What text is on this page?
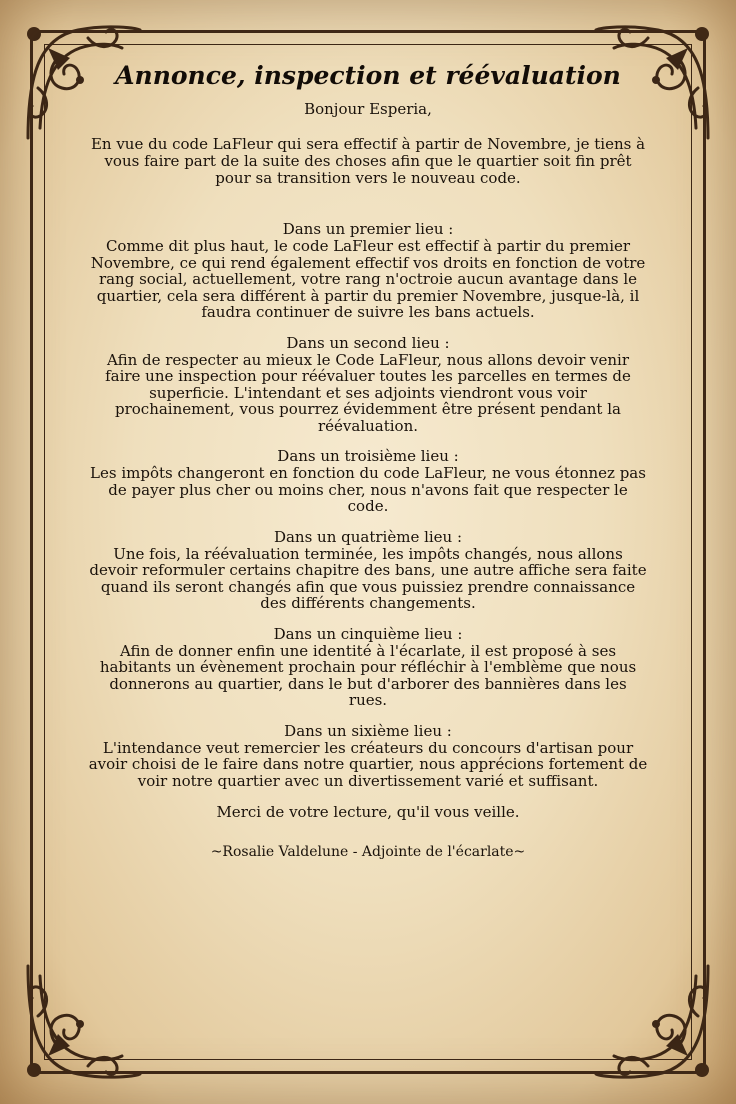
Annonce, inspection et réévaluation

Bonjour Esperia,

En vue du code LaFleur qui sera effectif à partir de Novembre, je tiens à vous faire part de la suite des choses afin que le quartier soit fin prêt pour sa transition vers le nouveau code.

Dans un premier lieu :
Comme dit plus haut, le code LaFleur est effectif à partir du premier Novembre, ce qui rend également effectif vos droits en fonction de votre rang social, actuellement, votre rang n'octroie aucun avantage dans le quartier, cela sera différent à partir du premier Novembre, jusque-là, il faudra continuer de suivre les bans actuels.
Dans un second lieu :
Afin de respecter au mieux le Code LaFleur, nous allons devoir venir faire une inspection pour réévaluer toutes les parcelles en termes de superficie. L'intendant et ses adjoints viendront vous voir prochainement, vous pourrez évidemment être présent pendant la réévaluation.
Dans un troisième lieu :
Les impôts changeront en fonction du code LaFleur, ne vous étonnez pas de payer plus cher ou moins cher, nous n'avons fait que respecter le code.
Dans un quatrième lieu :
Une fois, la réévaluation terminée, les impôts changés, nous allons devoir reformuler certains chapitre des bans, une autre affiche sera faite quand ils seront changés afin que vous puissiez prendre connaissance des différents changements.
Dans un cinquième lieu :
Afin de donner enfin une identité à l'écarlate, il est proposé à ses habitants un évènement prochain pour réfléchir à l'emblème que nous donnerons au quartier, dans le but d'arborer des bannières dans les rues.
Dans un sixième lieu :
L'intendance veut remercier les créateurs du concours d'artisan pour avoir choisi de le faire dans notre quartier, nous apprécions fortement de voir notre quartier avec un divertissement varié et suffisant.

Merci de votre lecture, qu'il vous veille.

~Rosalie Valdelune - Adjointe de l'écarlate~
